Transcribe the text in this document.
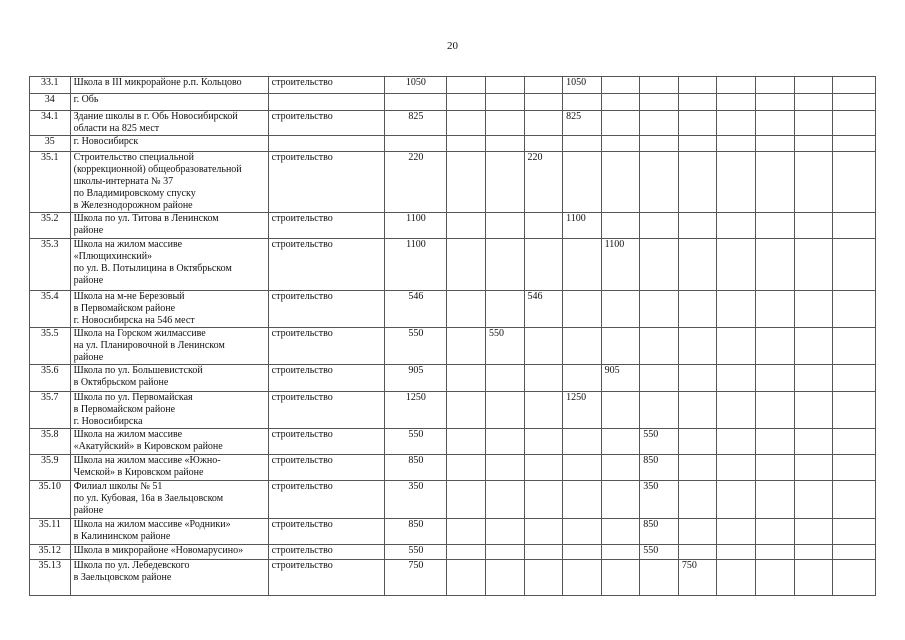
20
33.1	Школа в III микрорайоне р.п. Кольцово	строительство	1050				1050							
34	г. Обь													
34.1	Здание школы в г. Обь Новосибирской
области на 825 мест	строительство	825				825							
35	г. Новосибирск													
35.1	Строительство специальной
(коррекционной) общеобразовательной
школы-интерната № 37
по Владимировскому спуску
в Железнодорожном районе	строительство	220			220								
35.2	Школа по ул. Титова в Ленинском
районе	строительство	1100				1100							
35.3	Школа на жилом массиве
«Плющихинский»
по ул. В. Потылицина в Октябрьском
районе	строительство	1100					1100						
35.4	Школа на м-не Березовый
в Первомайском районе
г. Новосибирска на 546 мест	строительство	546			546								
35.5	Школа на Горском жилмассиве
на ул. Планировочной в Ленинском
районе	строительство	550		550									
35.6	Школа по ул. Большевистской
в Октябрьском районе	строительство	905					905						
35.7	Школа по ул. Первомайская
в Первомайском районе
г. Новосибирска	строительство	1250				1250							
35.8	Школа на жилом массиве
«Акатуйский» в Кировском районе	строительство	550						550					
35.9	Школа на жилом массиве «Южно-
Чемской» в Кировском районе	строительство	850						850					
35.10	Филиал школы № 51
по ул. Кубовая, 16а в Заельцовском
районе	строительство	350						350					
35.11	Школа на жилом массиве «Родники»
в Калининском районе	строительство	850						850					
35.12	Школа в микрорайоне «Новомарусино»	строительство	550						550					
35.13	Школа по ул. Лебедевского
в Заельцовском районе	строительство	750							750				
